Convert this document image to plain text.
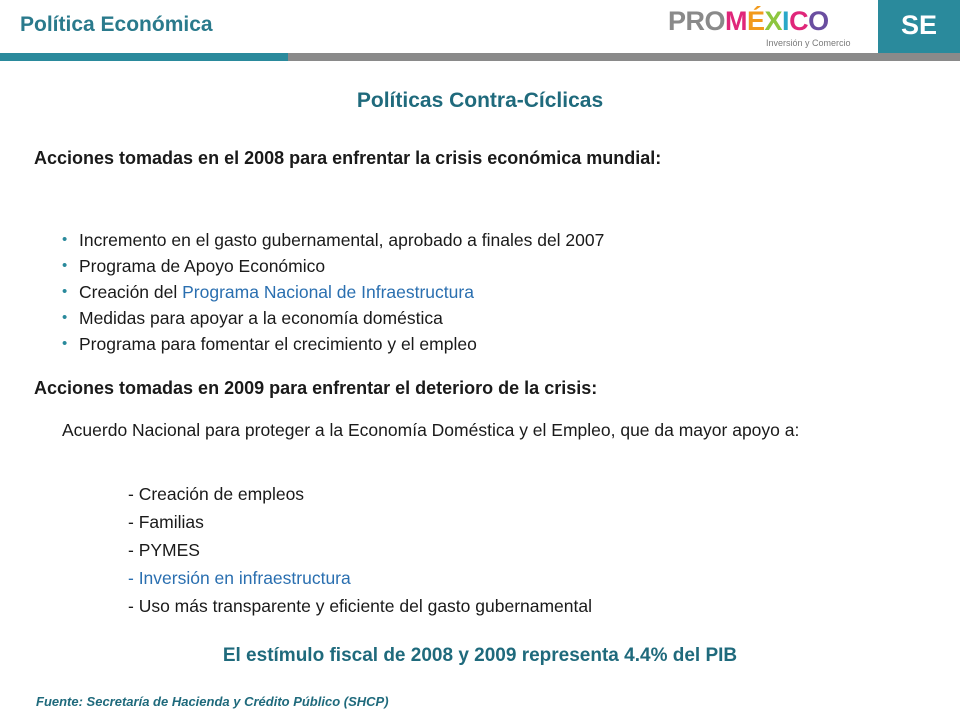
Política Económica	PROMÉXICO
Inversión y Comercio
SE
Políticas Contra-Cíclicas
Acciones tomadas en el 2008 para enfrentar la crisis económica mundial:
• Incremento en el gasto gubernamental, aprobado a finales del 2007
• Programa de Apoyo Económico
• Creación del Programa Nacional de Infraestructura
• Medidas para apoyar a la economía doméstica
• Programa para fomentar el crecimiento y el empleo
Acciones tomadas en 2009 para enfrentar el deterioro de la crisis:
Acuerdo Nacional para proteger a la Economía Doméstica y el Empleo, que da mayor apoyo a:
- Creación de empleos
- Familias
- PYMES
- Inversión en infraestructura
- Uso más transparente y eficiente del gasto gubernamental
El estímulo fiscal de 2008 y 2009 representa 4.4% del PIB
Fuente: Secretaría de Hacienda y Crédito Público (SHCP)
